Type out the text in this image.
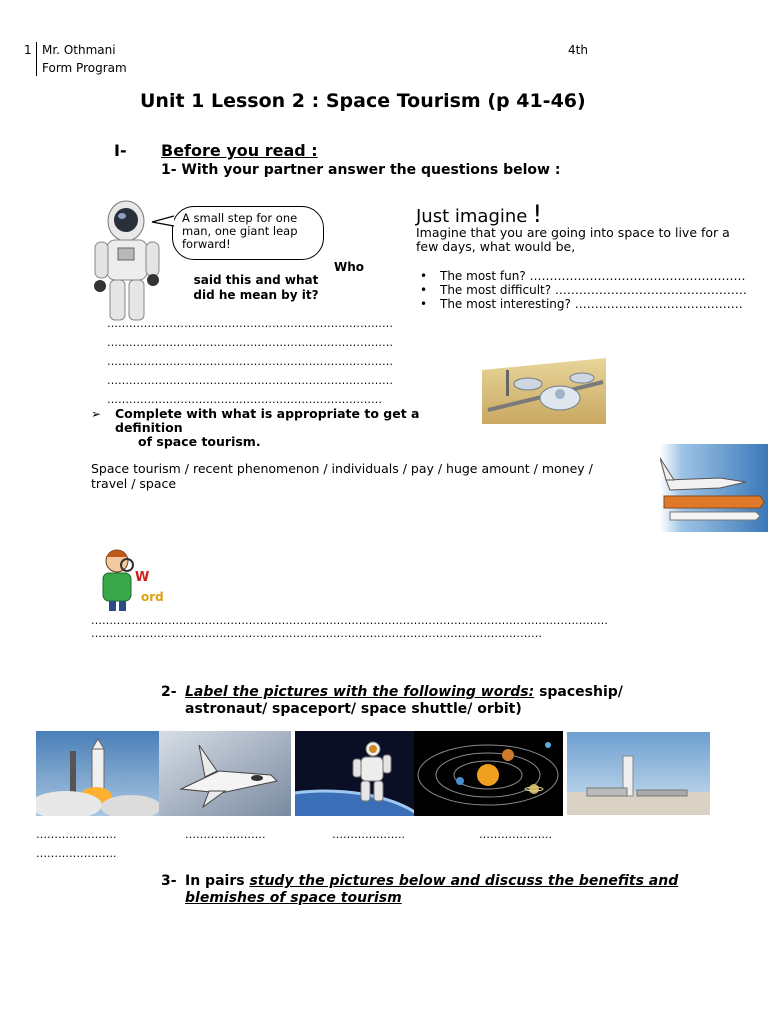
1 Mr. Othmani
Form Program
4th
Unit 1 Lesson 2 : Space Tourism (p 41-46)
I- Before you read :
1- With your partner answer the questions below :
A small step for one man, one giant leap forward!
Who
said this and what did he mean by it?
……………………………………………………………………
……………………………………………………………………
……………………………………………………………………
……………………………………………………………………
…………………………………………………………………
Just imagine !
Imagine that you are going into space to live for a few days, what would be,
• The most fun? ………………………………………………
• The most difficult? …………………………………………
• The most interesting? ……………………………………
➢ Complete with what is appropriate to get a
definition
of space tourism.
Space tourism / recent phenomenon / individuals / pay / huge amount / money / travel / space
W
ord
……………………………………………………………………………………………………………………………
……………………………………………………………………………………………………………
2- Label the pictures with the following words: spaceship/
astronaut/ spaceport/ space shuttle/ orbit)
………………….	………………….	………………..	………………..
………………….
3- In pairs study the pictures below and discuss the benefits and
blemishes of space tourism
